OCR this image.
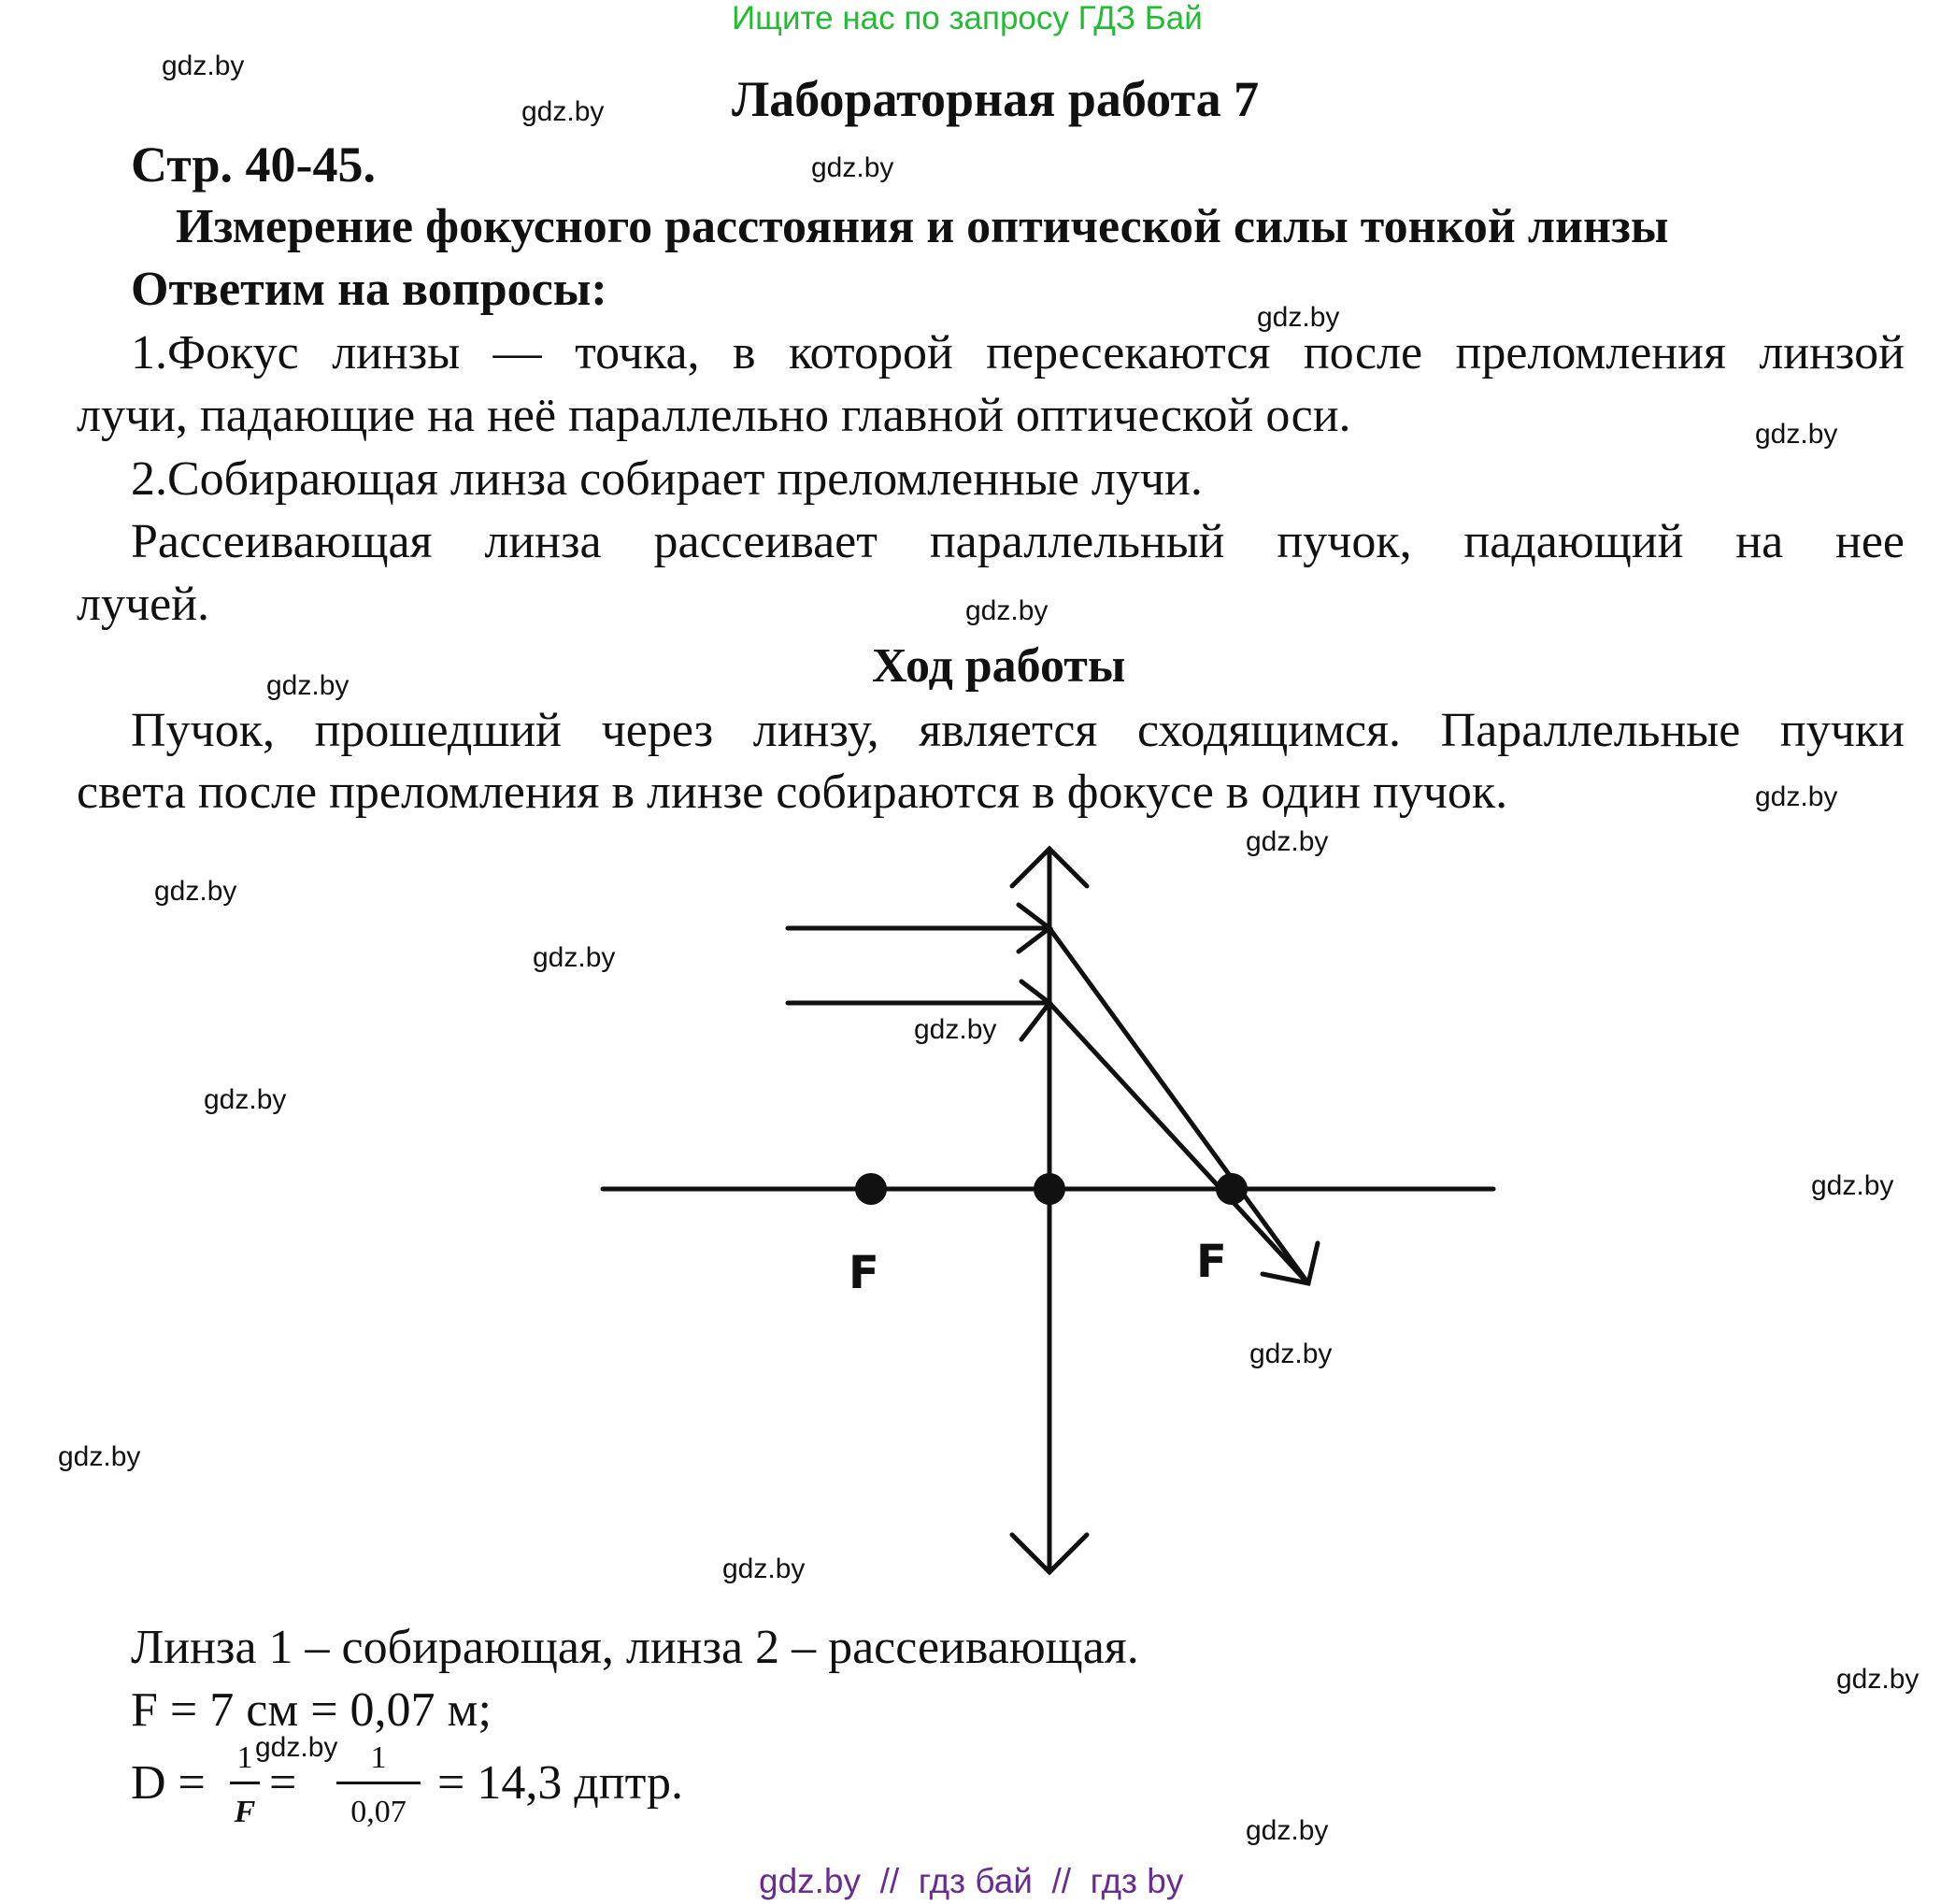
Ищите нас по запросу ГДЗ Бай
Лабораторная работа 7
Стр. 40-45.
Измерение фокусного расстояния и оптической силы тонкой линзы
Ответим на вопросы:
1.Фокус линзы — точка, в которой пересекаются после преломления линзой
лучи, падающие на неё параллельно главной оптической оси.
2.Собирающая линза собирает преломленные лучи.
Рассеивающая линза рассеивает параллельный пучок, падающий на нее
лучей.
Ход работы
Пучок, прошедший через линзу, является сходящимся. Параллельные пучки
света после преломления в линзе собираются в фокусе в один пучок.
F	F
Линза 1 – собирающая, линза 2 – рассеивающая.
F = 7 см = 0,07 м;
D = 1
F
=	1
0,07
= 14,3 дптр.
gdz.by
gdz.by
gdz.by
gdz.by
gdz.by
gdz.by
gdz.by
gdz.by
gdz.by
gdz.by
gdz.by
gdz.by
gdz.by
gdz.by
gdz.by
gdz.by
gdz.by
gdz.by
gdz.by
gdz.by
gdz.by  //  гдз бай  //  гдз by
